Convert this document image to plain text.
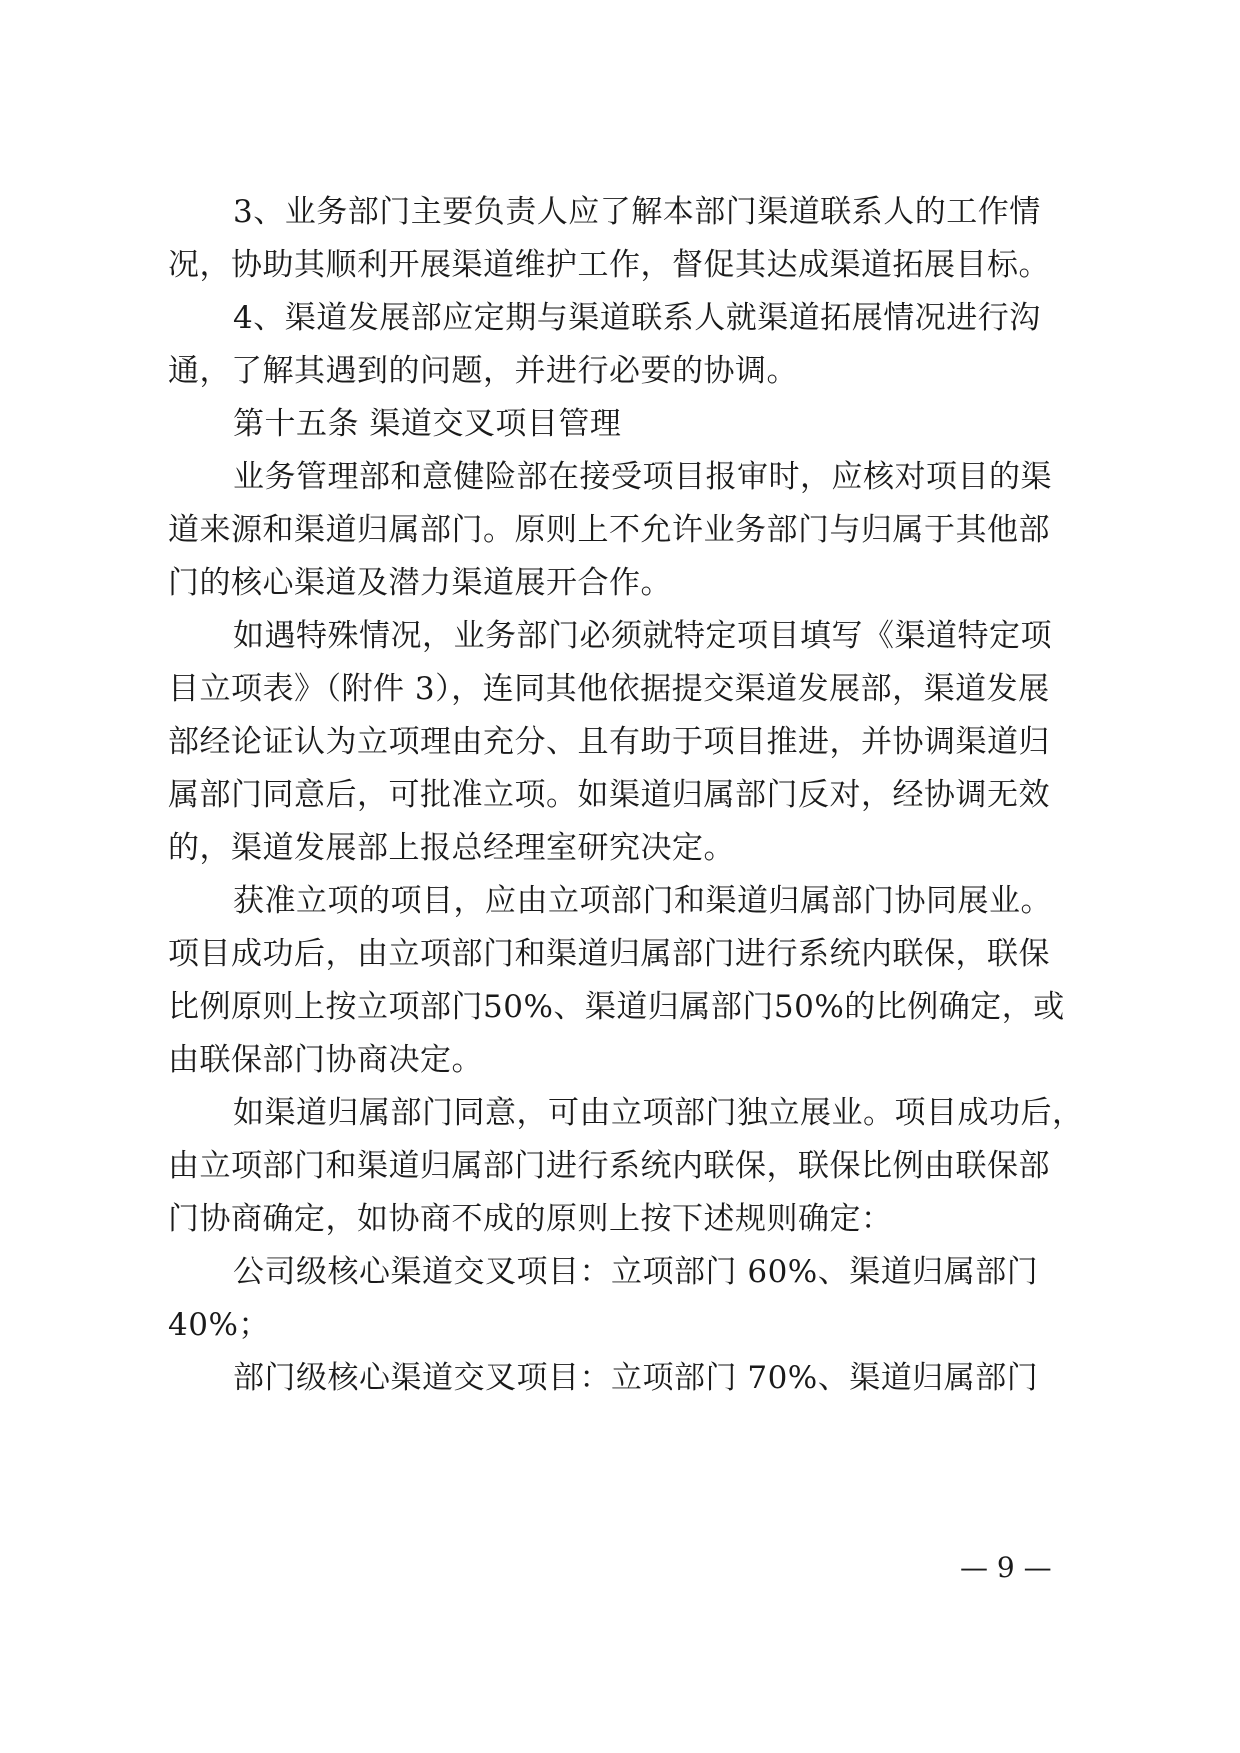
3、业务部门主要负责人应了解本部门渠道联系人的工作情
况，协助其顺利开展渠道维护工作，督促其达成渠道拓展目标。
4、渠道发展部应定期与渠道联系人就渠道拓展情况进行沟
通，了解其遇到的问题，并进行必要的协调。
第十五条 渠道交叉项目管理
业务管理部和意健险部在接受项目报审时，应核对项目的渠
道来源和渠道归属部门。原则上不允许业务部门与归属于其他部
门的核心渠道及潜力渠道展开合作。
如遇特殊情况，业务部门必须就特定项目填写《渠道特定项
目立项表》（附件 3），连同其他依据提交渠道发展部，渠道发展
部经论证认为立项理由充分、且有助于项目推进，并协调渠道归
属部门同意后，可批准立项。如渠道归属部门反对，经协调无效
的，渠道发展部上报总经理室研究决定。
获准立项的项目，应由立项部门和渠道归属部门协同展业。
项目成功后，由立项部门和渠道归属部门进行系统内联保，联保
比例原则上按立项部门50%、渠道归属部门50%的比例确定，或
由联保部门协商决定。
如渠道归属部门同意，可由立项部门独立展业。项目成功后，
由立项部门和渠道归属部门进行系统内联保，联保比例由联保部
门协商确定，如协商不成的原则上按下述规则确定：
公司级核心渠道交叉项目：立项部门 60%、渠道归属部门
40%；
部门级核心渠道交叉项目：立项部门 70%、渠道归属部门
— 9 —
